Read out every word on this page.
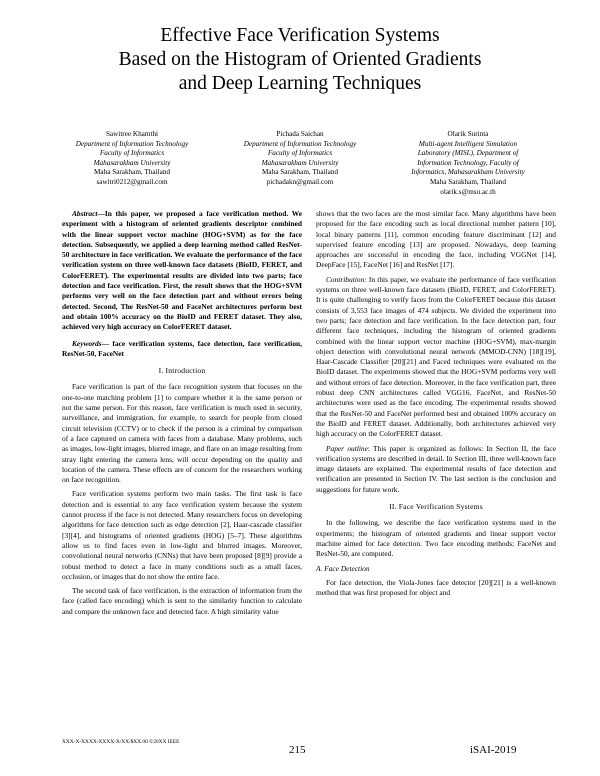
Effective Face Verification Systems
Based on the Histogram of Oriented Gradients
and Deep Learning Techniques
Sawitree Khamthi
Department of Information Technology
Faculty of Informatics
Mahasarakham University
Maha Sarakham, Thailand
sawitri0212@gmail.com
Pichada Saichan
Department of Information Technology
Faculty of Informatics
Mahasarakham University
Maha Sarakham, Thailand
pichadakn@gmail.com
Olarik Surinta
Multi-agent Intelligent Simulation
Laboratory (MISL), Department of
Information Technology, Faculty of
Informatics, Mahasarakham University
Maha Sarakham, Thailand
olarik.s@msu.ac.th

Abstract—In this paper, we proposed a face verification method. We experiment with a histogram of oriented gradients descriptor combined with the linear support vector machine (HOG+SVM) as for the face detection. Subsequently, we applied a deep learning method called ResNet-50 architecture in face verification. We evaluate the performance of the face verification system on three well-known face datasets (BioID, FERET, and ColorFERET). The experimental results are divided into two parts; face detection and face verification. First, the result shows that the HOG+SVM performs very well on the face detection part and without errors being detected. Second, The ResNet-50 and FaceNet architectures perform best and obtain 100% accuracy on the BioID and FERET dataset. They also, achieved very high accuracy on ColorFERET dataset.

Keywords— face verification systems, face detection, face verification, ResNet-50, FaceNet

I. Introduction

Face verification is part of the face recognition system that focuses on the one-to-one matching problem [1] to compare whether it is the same person or not the same person. For this reason, face verification is much used in security, surveillance, and immigration, for example, to search for people from closed circuit television (CCTV) or to check if the person is a criminal by comparison of a face captured on camera with faces from a database. Many problems, such as images, low-light images, blurred image, and flare on an image resulting from stray light entering the camera lens, will occur depending on the quality and location of the camera. These effects are of concern for the researchers working on face recognition.

Face verification systems perform two main tasks. The first task is face detection and is essential to any face verification system because the system cannot process if the face is not detected. Many researchers focus on developing algorithms for face detection such as edge detection [2], Haar-cascade classifier [3][4], and histograms of oriented gradients (HOG) [5–7]. These algorithms allow us to find faces even in low-light and blurred images. Moreover, convolutional neural networks (CNNs) that have been proposed [8][9] provide a robust method to detect a face in many conditions such as a small faces, occlusion, or images that do not show the entire face.

The second task of face verification, is the extraction of information from the face (called face encoding) which is sent to the similarity function to calculate and compare the unknown face and detected face. A high similarity value

shows that the two faces are the most similar face. Many algorithms have been proposed for the face encoding such as local directional number pattern [10], local binary patterns [11], common encoding feature discriminant [12] and supervised feature encoding [13] are proposed. Nowadays, deep learning approaches are successful in encoding the face, including VGGNet [14], DeepFace [15], FaceNet [16] and ResNet [17].

Contribution: In this paper, we evaluate the performance of face verification systems on three well-known face datasets (BioID, FERET, and ColorFERET). It is quite challenging to verify faces from the ColorFERET because this dataset consists of 3,553 face images of 474 subjects. We divided the experiment into two parts; face detection and face verification. In the face detection part, four different face techniques, including the histogram of oriented gradients combined with the linear support vector machine (HOG+SVM), max-margin object detection with convolutional neural network (MMOD-CNN) [18][19], Haar-Cascade Classifier [20][21] and Faced techniques were evaluated on the BioID dataset. The experiments showed that the HOG+SVM performs very well and without errors of face detection. Moreover, in the face verification part, three robust deep CNN architectures called VGG16, FaceNet, and ResNet-50 architectures were used as the face encoding. The experimental results showed that the ResNet-50 and FaceNet performed best and obtained 100% accuracy on the BioID and FERET dataset. Additionally, both architectures achieved very high accuracy on the ColorFERET dataset.

Paper outline: This paper is organized as follows: In Section II, the face verification systems are described in detail. In Section III, three well-known face image datasets are explained. The experimental results of face detection and verification are presented in Section IV. The last section is the conclusion and suggestions for future work.

II. Face Verification Systems

In the following, we describe the face verification systems used in the experiments; the histogram of oriented gradients and linear support vector machine aimed for face detection. Two face encoding methods; FaceNet and ResNet-50, are computed.

A. Face Detection

For face detection, the Viola-Jones face detector [20][21] is a well-known method that was first proposed for object and

XXX-X-XXXX-XXXX-X/XX/$XX.00 ©20XX IEEE
215	iSAI-2019
